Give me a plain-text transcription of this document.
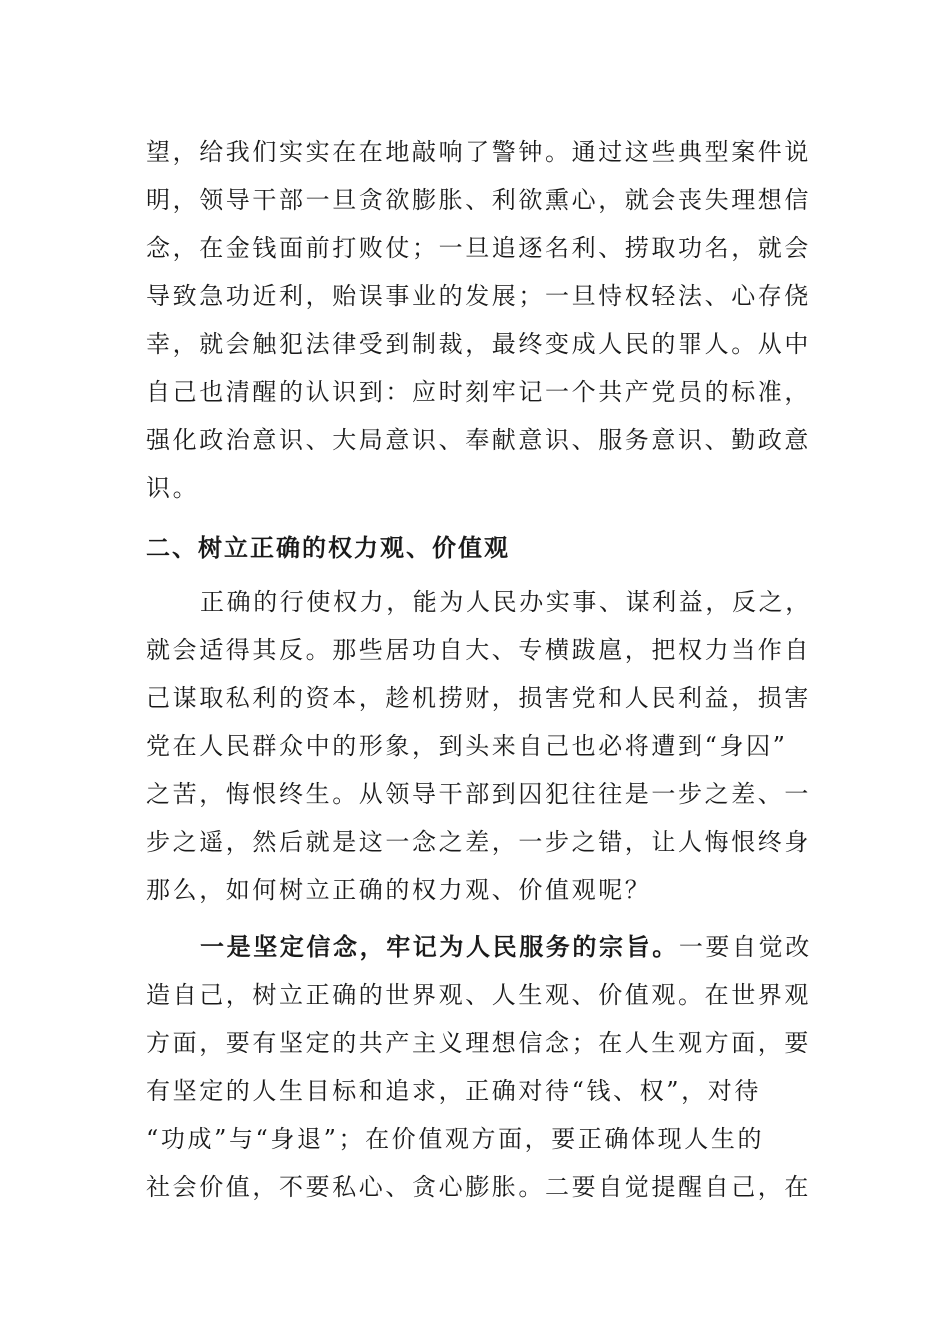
望，给我们实实在在地敲响了警钟。通过这些典型案件说
明，领导干部一旦贪欲膨胀、利欲熏心，就会丧失理想信
念，在金钱面前打败仗；一旦追逐名利、捞取功名，就会
导致急功近利，贻误事业的发展；一旦恃权轻法、心存侥
幸，就会触犯法律受到制裁，最终变成人民的罪人。从中
自己也清醒的认识到：应时刻牢记一个共产党员的标准，
强化政治意识、大局意识、奉献意识、服务意识、勤政意
识。
二、树立正确的权力观、价值观
正确的行使权力，能为人民办实事、谋利益，反之，
就会适得其反。那些居功自大、专横跋扈，把权力当作自
己谋取私利的资本，趁机捞财，损害党和人民利益，损害
党在人民群众中的形象，到头来自己也必将遭到“身囚”
之苦，悔恨终生。从领导干部到囚犯往往是一步之差、一
步之遥，然后就是这一念之差，一步之错，让人悔恨终身
那么，如何树立正确的权力观、价值观呢？
一是坚定信念，牢记为人民服务的宗旨。一要自觉改
造自己，树立正确的世界观、人生观、价值观。在世界观
方面，要有坚定的共产主义理想信念；在人生观方面，要
有坚定的人生目标和追求，正确对待“钱、权”，对待
“功成”与“身退”；在价值观方面，要正确体现人生的
社会价值，不要私心、贪心膨胀。二要自觉提醒自己，在
